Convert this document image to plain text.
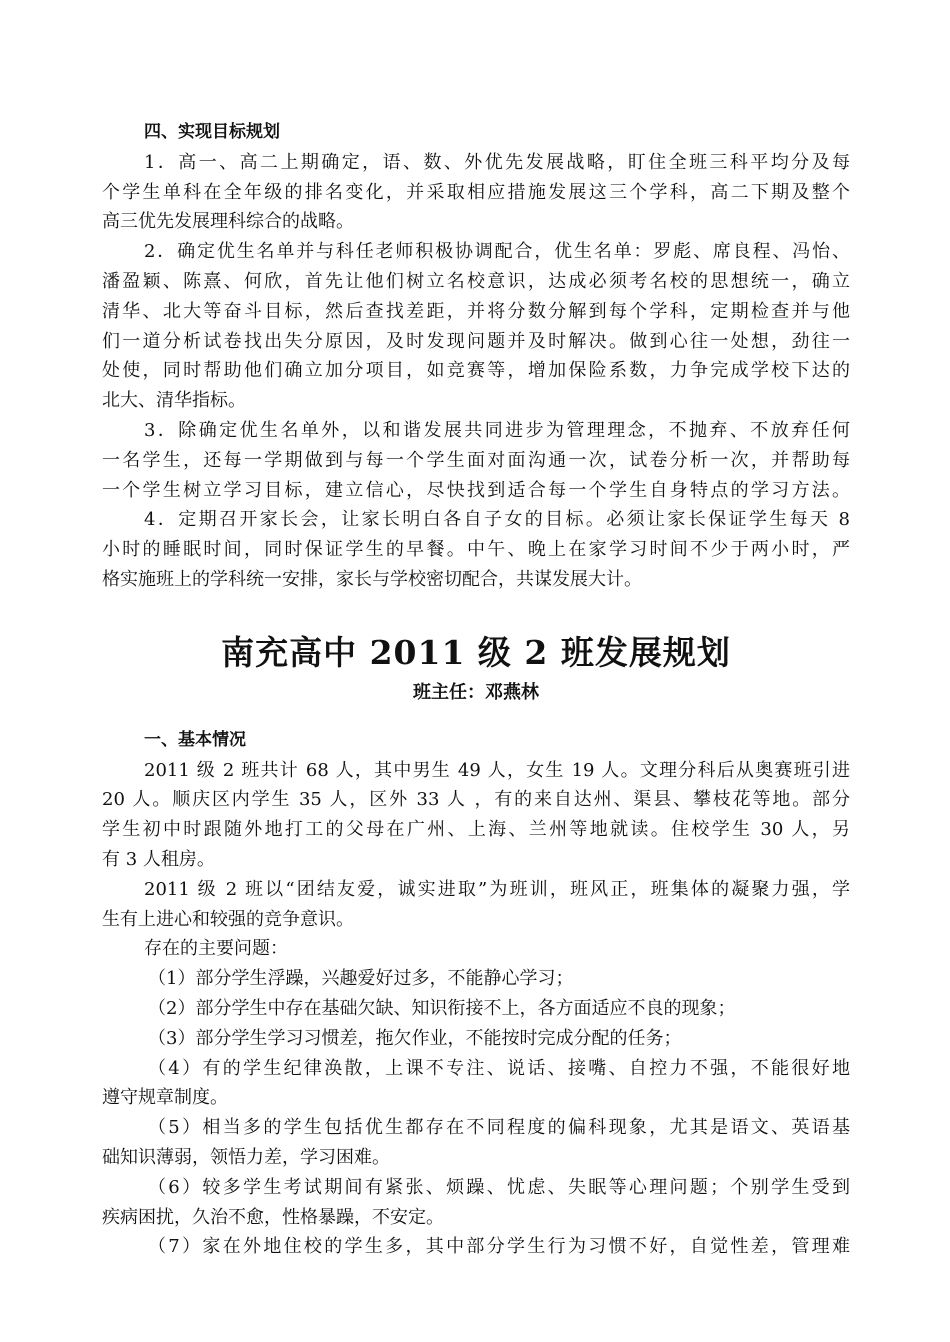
四、实现目标规划
1．高一、高二上期确定，语、数、外优先发展战略，盯住全班三科平均分及每
个学生单科在全年级的排名变化，并采取相应措施发展这三个学科，高二下期及整个
高三优先发展理科综合的战略。
2．确定优生名单并与科任老师积极协调配合，优生名单：罗彪、席良程、冯怡、
潘盈颖、陈熹、何欣，首先让他们树立名校意识，达成必须考名校的思想统一，确立
清华、北大等奋斗目标，然后查找差距，并将分数分解到每个学科，定期检查并与他
们一道分析试卷找出失分原因，及时发现问题并及时解决。做到心往一处想，劲往一
处使，同时帮助他们确立加分项目，如竞赛等，增加保险系数，力争完成学校下达的
北大、清华指标。
3．除确定优生名单外，以和谐发展共同进步为管理理念，不抛弃、不放弃任何
一名学生，还每一学期做到与每一个学生面对面沟通一次，试卷分析一次，并帮助每
一个学生树立学习目标，建立信心，尽快找到适合每一个学生自身特点的学习方法。
4．定期召开家长会，让家长明白各自子女的目标。必须让家长保证学生每天 8
小时的睡眠时间，同时保证学生的早餐。中午、晚上在家学习时间不少于两小时，严
格实施班上的学科统一安排，家长与学校密切配合，共谋发展大计。
南充高中 2011 级 2 班发展规划
班主任：邓燕林
一、基本情况
2011 级 2 班共计 68 人，其中男生 49 人，女生 19 人。文理分科后从奥赛班引进
20 人。顺庆区内学生 35 人，区外 33 人 ，有的来自达州、渠县、攀枝花等地。部分
学生初中时跟随外地打工的父母在广州、上海、兰州等地就读。住校学生 30 人，另
有 3 人租房。
2011 级 2 班以“团结友爱，诚实进取”为班训，班风正，班集体的凝聚力强，学
生有上进心和较强的竞争意识。
存在的主要问题：
（1）部分学生浮躁，兴趣爱好过多，不能静心学习；
（2）部分学生中存在基础欠缺、知识衔接不上，各方面适应不良的现象；
（3）部分学生学习习惯差，拖欠作业，不能按时完成分配的任务；
（4）有的学生纪律涣散，上课不专注、说话、接嘴、自控力不强，不能很好地
遵守规章制度。
（5）相当多的学生包括优生都存在不同程度的偏科现象，尤其是语文、英语基
础知识薄弱，领悟力差，学习困难。
（6）较多学生考试期间有紧张、烦躁、忧虑、失眠等心理问题；个别学生受到
疾病困扰，久治不愈，性格暴躁，不安定。
（7）家在外地住校的学生多，其中部分学生行为习惯不好，自觉性差，管理难
